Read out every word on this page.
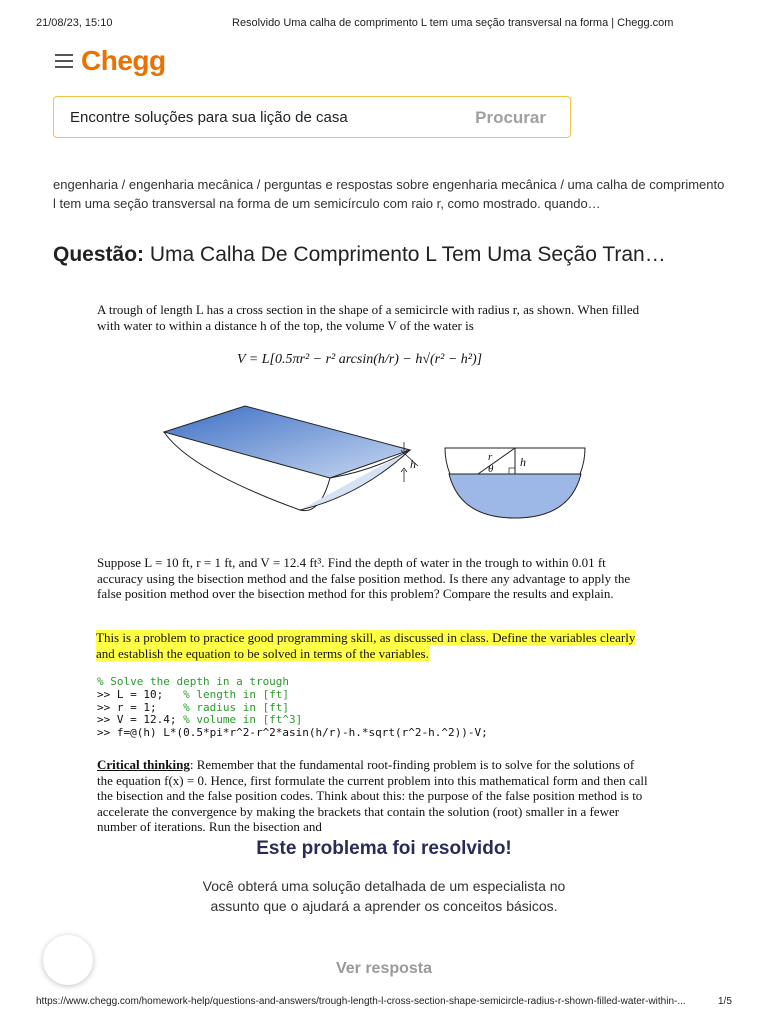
21/08/23, 15:10	Resolvido Uma calha de comprimento L tem uma seção transversal na forma | Chegg.com
Chegg
Encontre soluções para sua lição de casa	Procurar
engenharia / engenharia mecânica / perguntas e respostas sobre engenharia mecânica / uma calha de comprimento l tem uma seção transversal na forma de um semicírculo com raio r, como mostrado. quando…
Questão: Uma Calha De Comprimento L Tem Uma Seção Tran…

A trough of length L has a cross section in the shape of a semicircle with radius r, as shown. When filled with water to within a distance h of the top, the volume V of the water is

V = L[0.5πr² − r² arcsin(h/r) − h√(r² − h²)]
h	r
θ h
Suppose L = 10 ft, r = 1 ft, and V = 12.4 ft³. Find the depth of water in the trough to within 0.01 ft accuracy using the bisection method and the false position method. Is there any advantage to apply the false position method over the bisection method for this problem? Compare the results and explain.
This is a problem to practice good programming skill, as discussed in class. Define the variables clearly and establish the equation to be solved in terms of the variables.
% Solve the depth in a trough
>> L = 10;   % length in [ft]
>> r = 1;    % radius in [ft]
>> V = 12.4; % volume in [ft^3]
>> f=@(h) L*(0.5*pi*r^2-r^2*asin(h/r)-h.*sqrt(r^2-h.^2))-V;
Critical thinking: Remember that the fundamental root-finding problem is to solve for the solutions of the equation f(x) = 0. Hence, first formulate the current problem into this mathematical form and then call the bisection and the false position codes. Think about this: the purpose of the false position method is to accelerate the convergence by making the brackets that contain the solution (root) smaller in a fewer number of iterations. Run the bisection and
Este problema foi resolvido!
Você obterá uma solução detalhada de um especialista no assunto que o ajudará a aprender os conceitos básicos.
Ver resposta
https://www.chegg.com/homework-help/questions-and-answers/trough-length-l-cross-section-shape-semicircle-radius-r-shown-filled-water-within-...	1/5
